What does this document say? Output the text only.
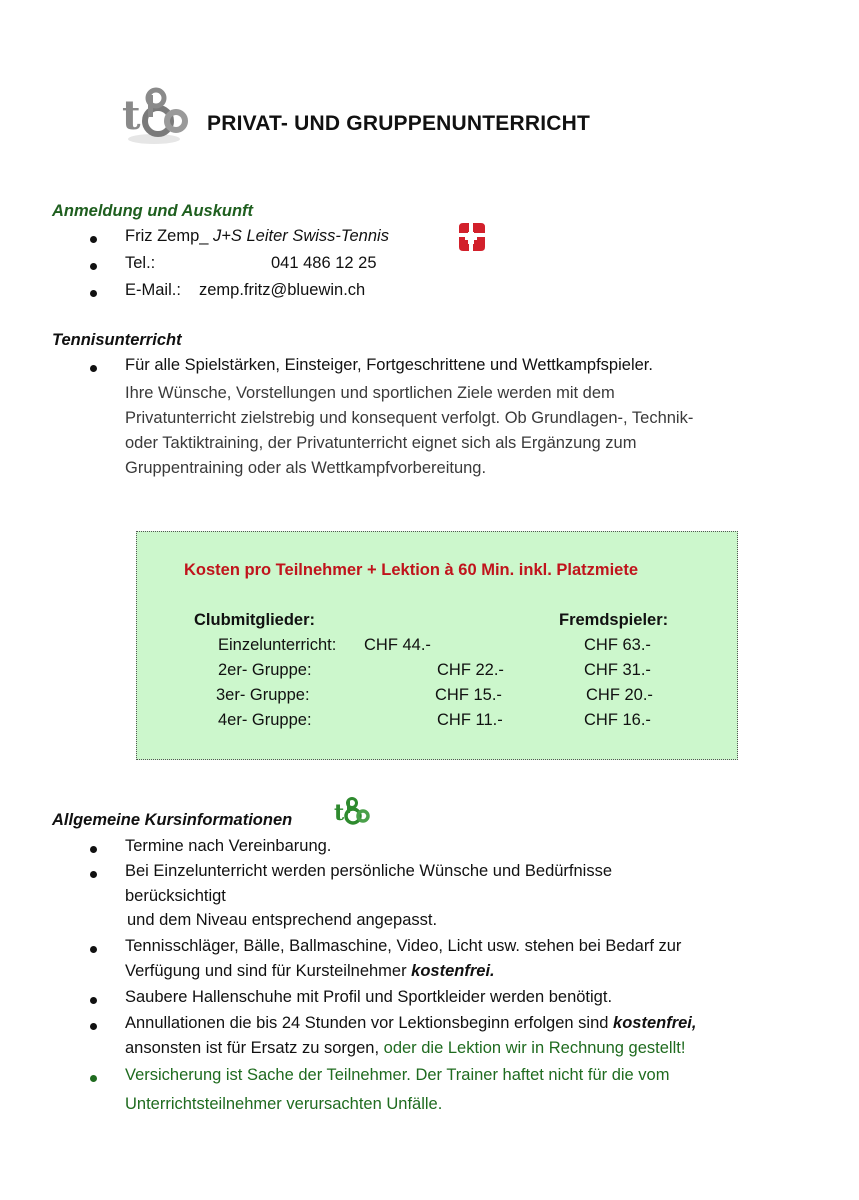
t	PRIVAT- UND GRUPPENUNTERRICHT
Anmeldung und Auskunft
Friz Zemp_ J+S Leiter Swiss-Tennis
Tel.:	041 486 12 25
E-Mail.: zemp.fritz@bluewin.ch
Tennisunterricht
Für alle Spielstärken, Einsteiger, Fortgeschrittene und Wettkampfspieler.
Ihre Wünsche, Vorstellungen und sportlichen Ziele werden mit dem
Privatunterricht zielstrebig und konsequent verfolgt. Ob Grundlagen-, Technik-
oder Taktiktraining, der Privatunterricht eignet sich als Ergänzung zum
Gruppentraining oder als Wettkampfvorbereitung.
Kosten pro Teilnehmer + Lektion à 60 Min. inkl. Platzmiete
Clubmitglieder:	Fremdspieler:
Einzelunterricht: CHF 44.-	CHF 63.-
2er- Gruppe:	CHF 22.-	CHF 31.-
3er- Gruppe:	CHF 15.-	CHF 20.-
4er- Gruppe:	CHF 11.-	CHF 16.-
Allgemeine Kursinformationen t
Termine nach Vereinbarung.
Bei Einzelunterricht werden persönliche Wünsche und Bedürfnisse
berücksichtigt
und dem Niveau entsprechend angepasst.
Tennisschläger, Bälle, Ballmaschine, Video, Licht usw. stehen bei Bedarf zur
Verfügung und sind für Kursteilnehmer kostenfrei.
Saubere Hallenschuhe mit Profil und Sportkleider werden benötigt.
Annullationen die bis 24 Stunden vor Lektionsbeginn erfolgen sind kostenfrei,
ansonsten ist für Ersatz zu sorgen, oder die Lektion wir in Rechnung gestellt!
Versicherung ist Sache der Teilnehmer. Der Trainer haftet nicht für die vom
Unterrichtsteilnehmer verursachten Unfälle.
